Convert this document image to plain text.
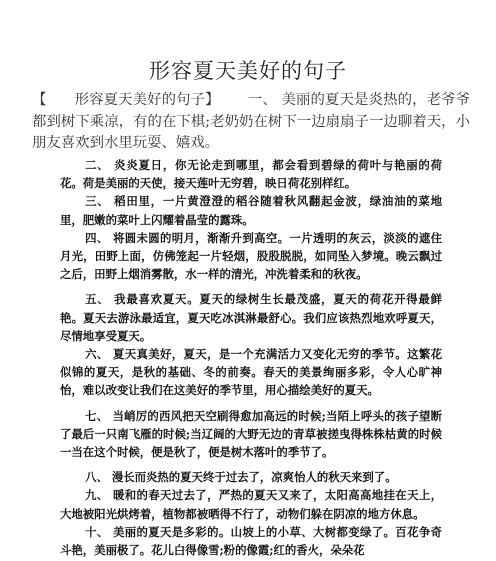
形容夏天美好的句子

【 形容夏天美好的句子】 一、 美丽的夏天是炎热的，老爷爷都到树下乘凉，有的在下棋;老奶奶在树下一边扇扇子一边聊着天，小朋友喜欢到水里玩耍、嬉戏。

二、 炎炎夏日，你无论走到哪里，都会看到碧绿的荷叶与艳丽的荷花。荷是美丽的天使，接天莲叶无穷碧，映日荷花别样红。

三、 稻田里，一片黄澄澄的稻谷随着秋风翻起金波，绿油油的菜地里，肥嫩的菜叶上闪耀着晶莹的露珠。

四、 将圆未圆的明月，渐渐升到高空。一片透明的灰云，淡淡的遮住月光，田野上面，仿佛笼起一片轻烟，股股脱脱，如同坠入梦境。晚云飘过之后，田野上烟消雾散，水一样的清光，冲洗着柔和的秋夜。

五、 我最喜欢夏天。夏天的绿树生长最茂盛，夏天的荷花开得最鲜艳。夏天去游泳最适宜，夏天吃冰淇淋最舒心。我们应该热烈地欢呼夏天，尽情地享受夏天。

六、 夏天真美好，夏天，是一个充满活力又变化无穷的季节。这繁花似锦的夏天，是秋的基础、冬的前奏。春天的美景绚丽多彩，令人心旷神怡，难以改变让我们在这美好的季节里，用心描绘美好的夏天。

七、 当峭厉的西风把天空刷得愈加高远的时候;当陌上呼头的孩子望断了最后一只南飞雁的时候;当辽阔的大野无边的青草被搓曳得株株枯黄的时候一当在这个时候，便是秋了，便是树木落叶的季节了。

八、 漫长而炎热的夏天终于过去了，凉爽怡人的秋天来到了。

九、 暖和的春天过去了，严热的夏天又来了，太阳高高地挂在天上，大地被阳光烘烤着，植物都被晒得不行了，动物们躲在阴凉的地方休息。

十、 美丽的夏天是多彩的。山坡上的小草、大树都变绿了。百花争奇斗艳，美丽极了。花儿白得像雪;粉的像霞;红的香火，朵朵花
